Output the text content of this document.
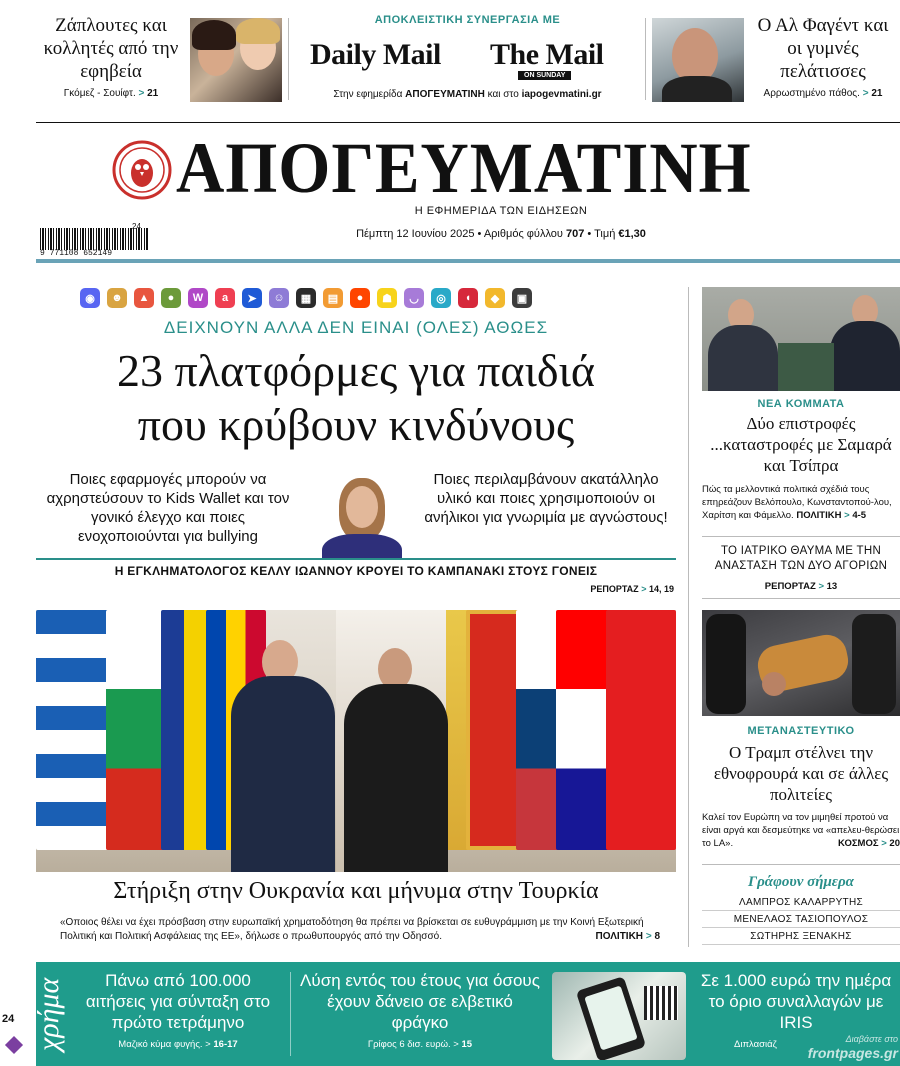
Ζάπλουτες και κολλητές από την εφηβεία
Γκόμεζ - Σουίφτ. > 21
ΑΠΟΚΛΕΙΣΤΙΚΗ ΣΥΝΕΡΓΑΣΙΑ ΜΕ
Daily Mail The Mail
ON SUNDAY
Στην εφημερίδα ΑΠΟΓΕΥΜΑΤΙΝΗ και στο iapogevmatini.gr
Ο Αλ Φαγέντ και οι γυμνές πελάτισσες
Αρρωστημένο πάθος. > 21
ΑΠΟΓΕΥΜΑΤΙΝΗ
Η ΕΦΗΜΕΡΙΔΑ ΤΩΝ ΕΙΔΗΣΕΩΝ
9 771108 652149
24
Πέμπτη 12 Ιουνίου 2025 • Αριθμός φύλλου 707 • Τιμή €1,30
◉	☻	▲	●	W	a	➤	☺	▦	▤	●	☗	◡	◎	◖	◆	▣
ΔΕΙΧΝΟΥΝ ΑΛΛΑ ΔΕΝ ΕΙΝΑΙ (ΟΛΕΣ) ΑΘΩΕΣ
23 πλατφόρμες για παιδιά
που κρύβουν κινδύνους
Ποιες εφαρμογές μπορούν να αχρηστεύσουν το Kids Wallet και τον γονικό έλεγχο και ποιες ενοχοποιούνται για bullying
Ποιες περιλαμβάνουν ακατάλληλο υλικό και ποιες χρησιμοποιούν οι ανήλικοι για γνωριμία με αγνώστους!
Η ΕΓΚΛΗΜΑΤΟΛΟΓΟΣ ΚΕΛΛΥ ΙΩΑΝΝΟΥ ΚΡΟΥΕΙ ΤΟ ΚΑΜΠΑΝΑΚΙ ΣΤΟΥΣ ΓΟΝΕΙΣ
ΡΕΠΟΡΤΑΖ > 14, 19
Στήριξη στην Ουκρανία και μήνυμα στην Τουρκία
«Οποιος θέλει να έχει πρόσβαση στην ευρωπαϊκή χρηματοδότηση θα πρέπει να βρίσκεται σε ευθυγράμμιση με την Κοινή Εξωτερική Πολιτική και Πολιτική Ασφάλειας της ΕΕ», δήλωσε ο πρωθυπουργός από την Οδησσό.	ΠΟΛΙΤΙΚΗ > 8
ΝΕΑ ΚΟΜΜΑΤΑ
Δύο επιστροφές ...καταστροφές με Σαμαρά και Τσίπρα
Πώς τα μελλοντικά πολιτικά σχέδιά τους επηρεάζουν Βελόπουλο, Κωνσταντοπού-λου, Χαρίτση και Φάμελλο. ΠΟΛΙΤΙΚΗ > 4-5
ΤΟ ΙΑΤΡΙΚΟ ΘΑΥΜΑ ΜΕ ΤΗΝ ΑΝΑΣΤΑΣΗ ΤΩΝ ΔΥΟ ΑΓΟΡΙΩΝ
ΡΕΠΟΡΤΑΖ > 13
ΜΕΤΑΝΑΣΤΕΥΤΙΚΟ
Ο Τραμπ στέλνει την εθνοφρουρά και σε άλλες πολιτείες
Καλεί τον Ευρώπη να τον μιμηθεί προτού να είναι αργά και δεσμεύτηκε να «απελευ-θερώσει το LA».	ΚΟΣΜΟΣ > 20
Γράφουν σήμερα
ΛΑΜΠΡΟΣ ΚΑΛΑΡΡΥΤΗΣ
ΜΕΝΕΛΑΟΣ ΤΑΣΙΟΠΟΥΛΟΣ
ΣΩΤΗΡΗΣ ΞΕΝΑΚΗΣ
χρήμα	Πάνω από 100.000 αιτήσεις για σύνταξη στο πρώτο τετράμηνο
Μαζικό κύμα φυγής. > 16-17
Λύση εντός του έτους για όσους έχουν δάνειο σε ελβετικό φράγκο
Γρίφος 6 δισ. ευρώ. > 15
Σε 1.000 ευρώ την ημέρα το όριο συναλλαγών με IRIS
Διπλασιάζ	Διαβάστε στο
frontpages.gr
24
